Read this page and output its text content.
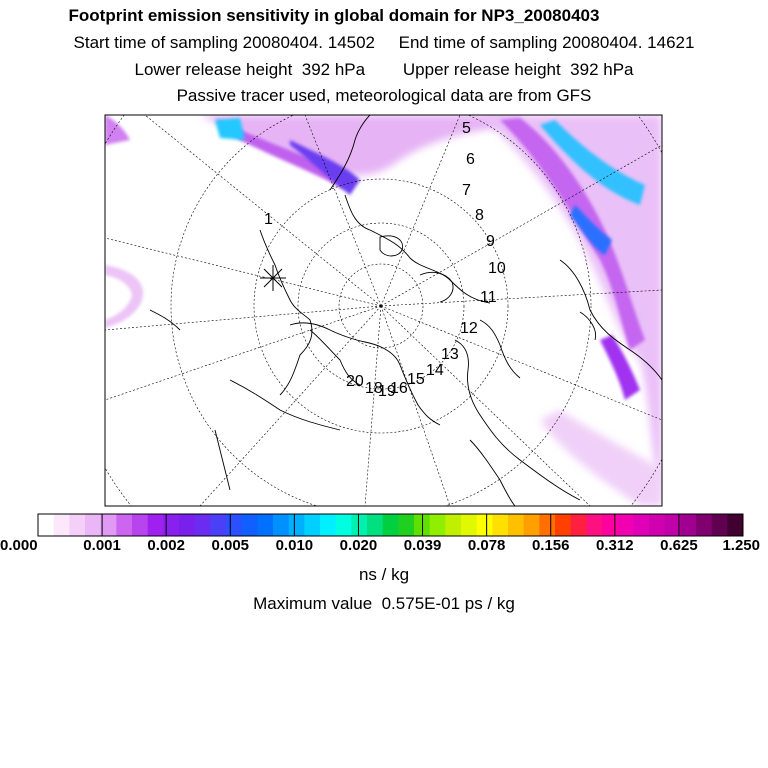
Footprint emission sensitivity in global domain for NP3_20080403
Start time of sampling 20080404. 14502     End time of sampling 20080404. 14621
Lower release height  392 hPa        Upper release height  392 hPa
Passive tracer used, meteorological data are from GFS
1
5
6
7
8
9
10
11
12
13
14
15
16
18
19
20
0.000	0.001 0.002 0.005 0.010 0.020 0.039 0.078 0.156 0.312 0.625 1.250
ns / kg
Maximum value  0.575E-01 ps / kg
